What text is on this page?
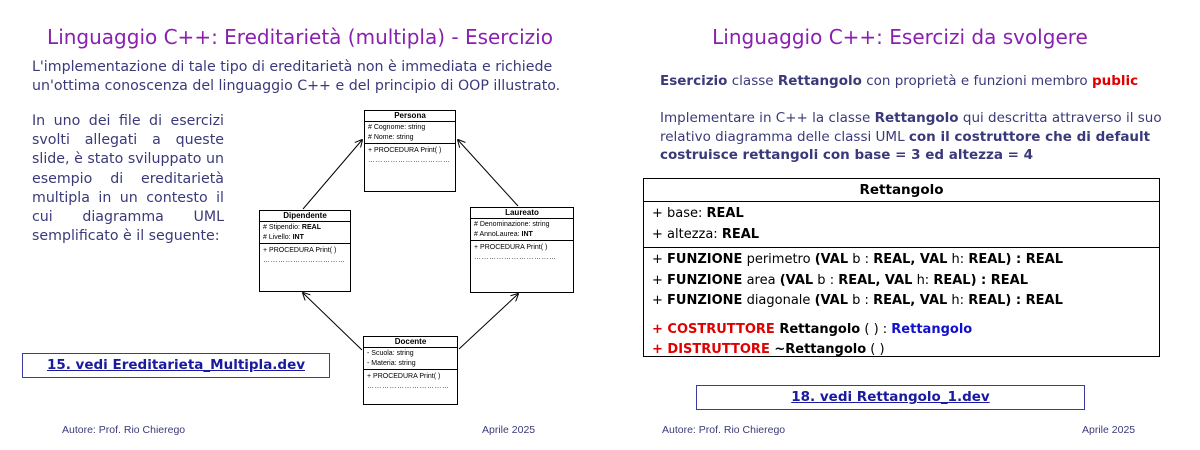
Linguaggio C++: Ereditarietà (multipla) - Esercizio
L'implementazione di tale tipo di ereditarietà non è immediata e richiede un'ottima conoscenza del linguaggio C++ e del principio di OOP illustrato.
In uno dei file di esercizi svolti allegati a queste slide, è stato sviluppato un esempio di ereditarietà multipla in un contesto il cui diagramma UML semplificato è il seguente:
Persona
# Cognome: string
# Nome: string
+ PROCEDURA Print( )
……………………………
Dipendente
# Stipendio: REAL
# Livello: INT
+ PROCEDURA Print( )
……………………………
Laureato
# Denominazione: string
# AnnoLaurea: INT
+ PROCEDURA Print( )
……………………………
Docente
- Scuola: string
- Materia: string
+ PROCEDURA Print( )
……………………………
15. vedi Ereditarieta_Multipla.dev
Autore: Prof. Rio Chierego	Aprile 2025
Linguaggio C++: Esercizi da svolgere
Esercizio classe Rettangolo con proprietà e funzioni membro public
Implementare in C++ la classe Rettangolo qui descritta attraverso il suo relativo diagramma delle classi UML con il costruttore che di default costruisce rettangoli con base = 3 ed altezza = 4
Rettangolo
+ base: REAL
+ altezza: REAL
+ FUNZIONE perimetro (VAL b : REAL, VAL h: REAL) : REAL
+ FUNZIONE area (VAL b : REAL, VAL h: REAL) : REAL
+ FUNZIONE diagonale (VAL b : REAL, VAL h: REAL) : REAL
+ COSTRUTTORE Rettangolo ( ) : Rettangolo
+ DISTRUTTORE ~Rettangolo ( )
18. vedi Rettangolo_1.dev
Autore: Prof. Rio Chierego	Aprile 2025
